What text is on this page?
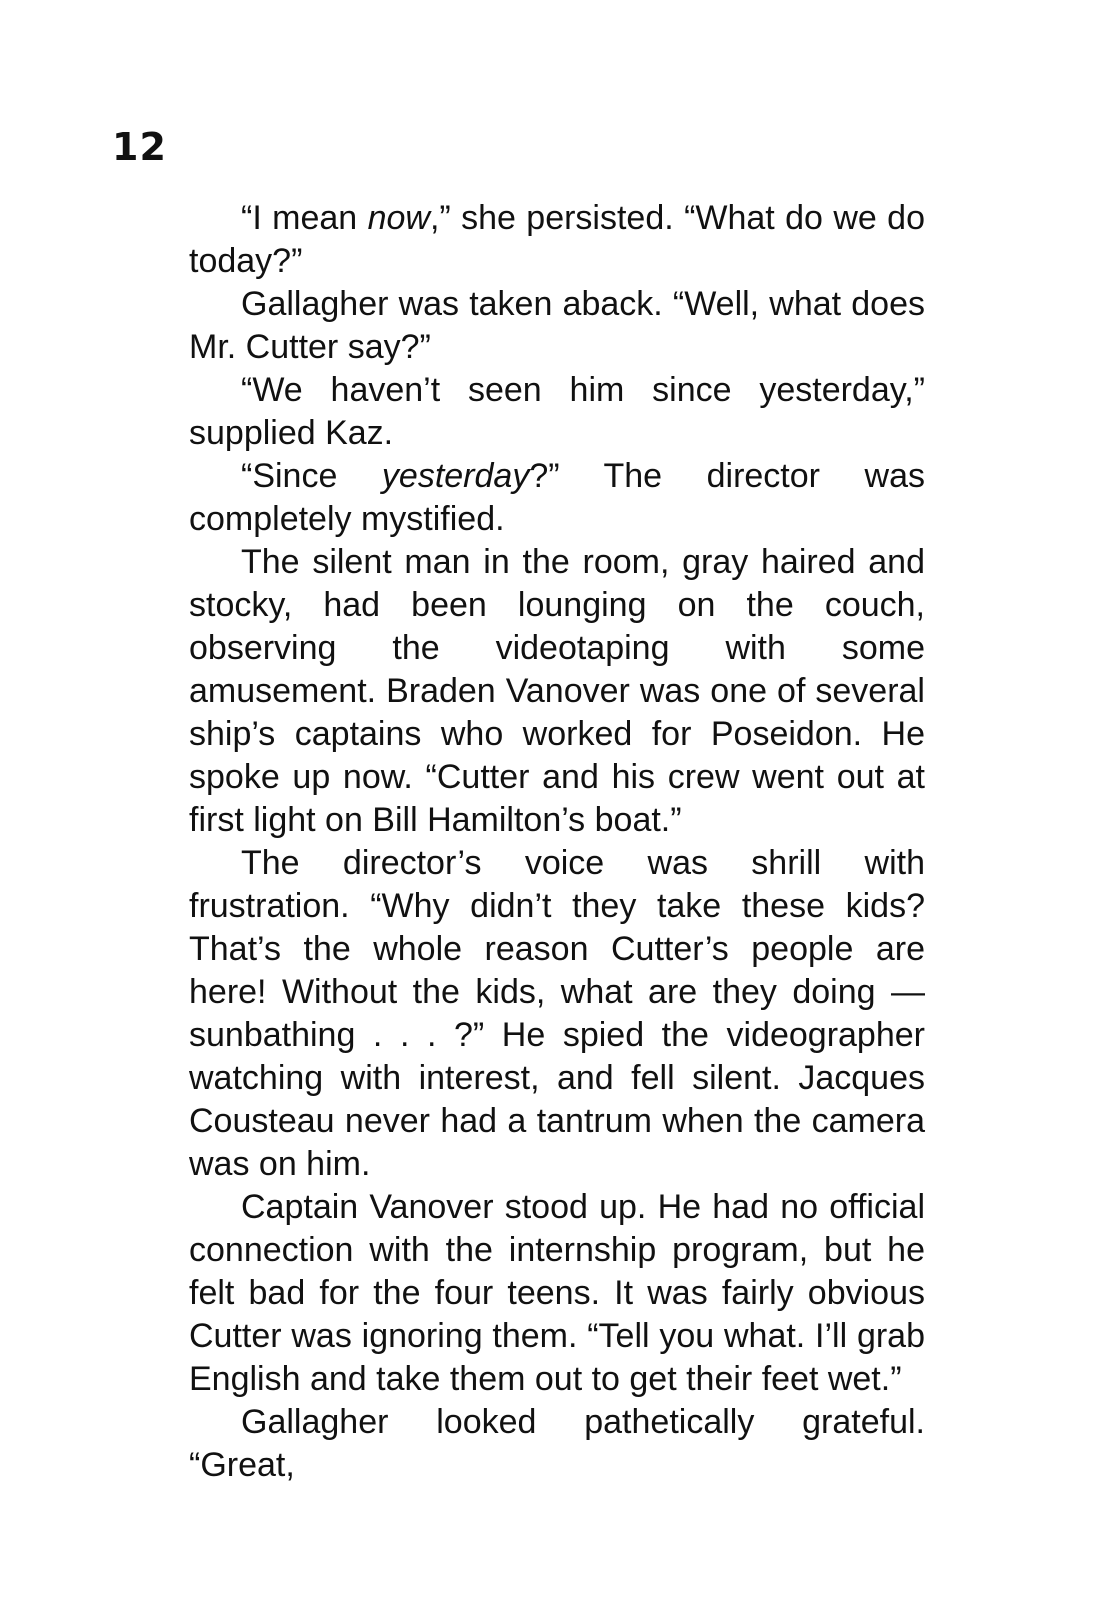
12

“I mean now,” she persisted. “What do we do today?”

Gallagher was taken aback. “Well, what does Mr. Cutter say?”

“We haven’t seen him since yesterday,” supplied Kaz.

“Since yesterday?” The director was completely mystified.

The silent man in the room, gray haired and stocky, had been lounging on the couch, observing the videotaping with some amusement. Braden Vanover was one of several ship’s captains who worked for Poseidon. He spoke up now. “Cutter and his crew went out at first light on Bill Hamilton’s boat.”

The director’s voice was shrill with frustration. “Why didn’t they take these kids? That’s the whole reason Cutter’s people are here! Without the kids, what are they doing — sunbathing . . . ?” He spied the videographer watching with interest, and fell silent. Jacques Cousteau never had a tantrum when the camera was on him.

Captain Vanover stood up. He had no official connection with the internship program, but he felt bad for the four teens. It was fairly obvious Cutter was ignoring them. “Tell you what. I’ll grab English and take them out to get their feet wet.”

Gallagher looked pathetically grateful. “Great,
